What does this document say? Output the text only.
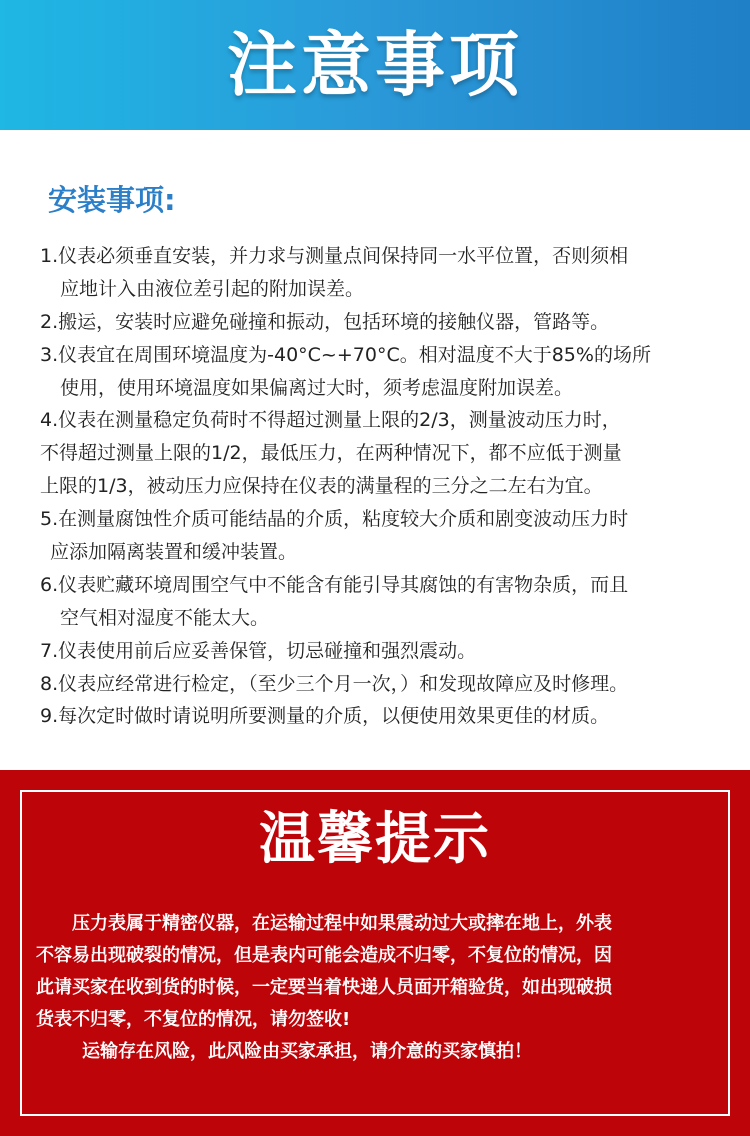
注意事项
安装事项:
1.仪表必须垂直安装，并力求与测量点间保持同一水平位置，否则须相
应地计入由液位差引起的附加误差。
2.搬运，安装时应避免碰撞和振动，包括环境的接触仪器，管路等。
3.仪表宜在周围环境温度为-40°C~+70°C。相对温度不大于85%的场所
使用，使用环境温度如果偏离过大时，须考虑温度附加误差。
4.仪表在测量稳定负荷时不得超过测量上限的2/3，测量波动压力时，
不得超过测量上限的1/2，最低压力，在两种情况下，都不应低于测量
上限的1/3，被动压力应保持在仪表的满量程的三分之二左右为宜。
5.在测量腐蚀性介质可能结晶的介质，粘度较大介质和剧变波动压力时
应添加隔离装置和缓冲装置。
6.仪表贮藏环境周围空气中不能含有能引导其腐蚀的有害物杂质，而且
空气相对湿度不能太大。
7.仪表使用前后应妥善保管，切忌碰撞和强烈震动。
8.仪表应经常进行检定，（至少三个月一次，）和发现故障应及时修理。
9.每次定时做时请说明所要测量的介质，以便使用效果更佳的材质。
温馨提示
压力表属于精密仪器，在运输过程中如果震动过大或摔在地上，外表
不容易出现破裂的情况，但是表内可能会造成不归零，不复位的情况，因
此请买家在收到货的时候，一定要当着快递人员面开箱验货，如出现破损
货表不归零，不复位的情况，请勿签收!
运输存在风险，此风险由买家承担，请介意的买家慎拍！
